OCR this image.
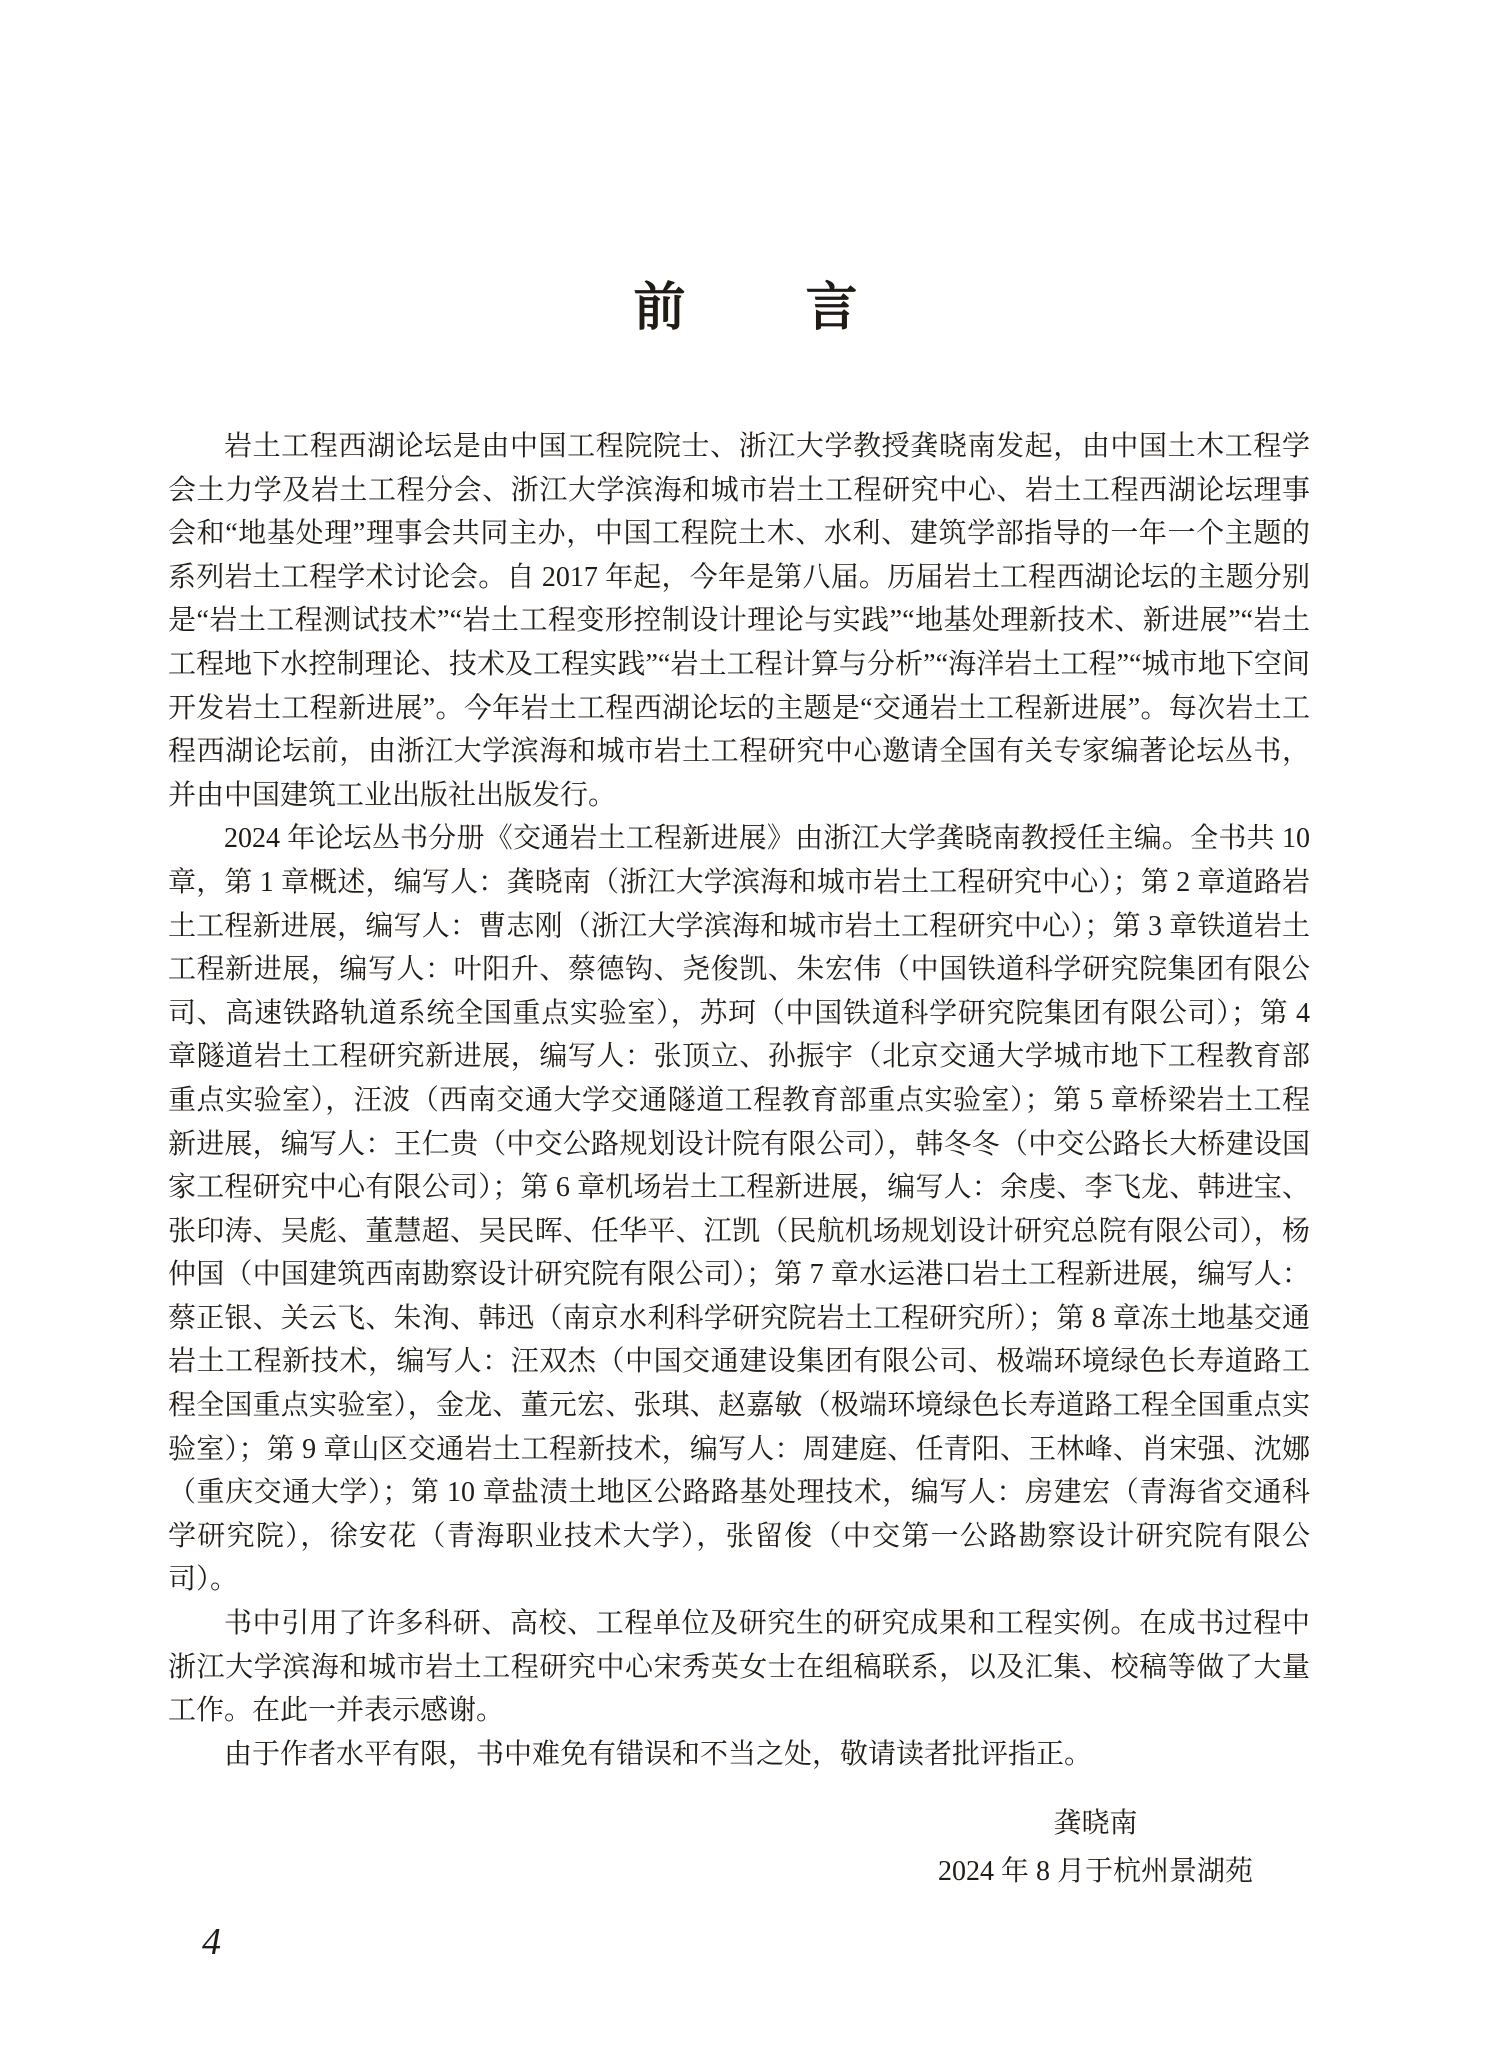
前言

岩土工程西湖论坛是由中国工程院院士、浙江大学教授龚晓南发起，由中国土木工程学会土力学及岩土工程分会、浙江大学滨海和城市岩土工程研究中心、岩土工程西湖论坛理事会和“地基处理”理事会共同主办，中国工程院土木、水利、建筑学部指导的一年一个主题的系列岩土工程学术讨论会。自 2017 年起，今年是第八届。历届岩土工程西湖论坛的主题分别是“岩土工程测试技术”“岩土工程变形控制设计理论与实践”“地基处理新技术、新进展”“岩土工程地下水控制理论、技术及工程实践”“岩土工程计算与分析”“海洋岩土工程”“城市地下空间开发岩土工程新进展”。今年岩土工程西湖论坛的主题是“交通岩土工程新进展”。每次岩土工程西湖论坛前，由浙江大学滨海和城市岩土工程研究中心邀请全国有关专家编著论坛丛书，并由中国建筑工业出版社出版发行。

2024 年论坛丛书分册《交通岩土工程新进展》由浙江大学龚晓南教授任主编。全书共 10 章，第 1 章概述，编写人：龚晓南（浙江大学滨海和城市岩土工程研究中心）；第 2 章道路岩土工程新进展，编写人：曹志刚（浙江大学滨海和城市岩土工程研究中心）；第 3 章铁道岩土工程新进展，编写人：叶阳升、蔡德钩、尧俊凯、朱宏伟（中国铁道科学研究院集团有限公司、高速铁路轨道系统全国重点实验室），苏珂（中国铁道科学研究院集团有限公司）；第 4 章隧道岩土工程研究新进展，编写人：张顶立、孙振宇（北京交通大学城市地下工程教育部重点实验室），汪波（西南交通大学交通隧道工程教育部重点实验室）；第 5 章桥梁岩土工程新进展，编写人：王仁贵（中交公路规划设计院有限公司），韩冬冬（中交公路长大桥建设国家工程研究中心有限公司）；第 6 章机场岩土工程新进展，编写人：余虔、李飞龙、韩进宝、张印涛、吴彪、董慧超、吴民晖、任华平、江凯（民航机场规划设计研究总院有限公司），杨仲国（中国建筑西南勘察设计研究院有限公司）；第 7 章水运港口岩土工程新进展，编写人：蔡正银、关云飞、朱洵、韩迅（南京水利科学研究院岩土工程研究所）；第 8 章冻土地基交通岩土工程新技术，编写人：汪双杰（中国交通建设集团有限公司、极端环境绿色长寿道路工程全国重点实验室），金龙、董元宏、张琪、赵嘉敏（极端环境绿色长寿道路工程全国重点实验室）；第 9 章山区交通岩土工程新技术，编写人：周建庭、任青阳、王林峰、肖宋强、沈娜（重庆交通大学）；第 10 章盐渍土地区公路路基处理技术，编写人：房建宏（青海省交通科学研究院），徐安花（青海职业技术大学），张留俊（中交第一公路勘察设计研究院有限公司）。

书中引用了许多科研、高校、工程单位及研究生的研究成果和工程实例。在成书过程中浙江大学滨海和城市岩土工程研究中心宋秀英女士在组稿联系，以及汇集、校稿等做了大量工作。在此一并表示感谢。

由于作者水平有限，书中难免有错误和不当之处，敬请读者批评指正。

龚晓南
2024 年 8 月于杭州景湖苑
4
